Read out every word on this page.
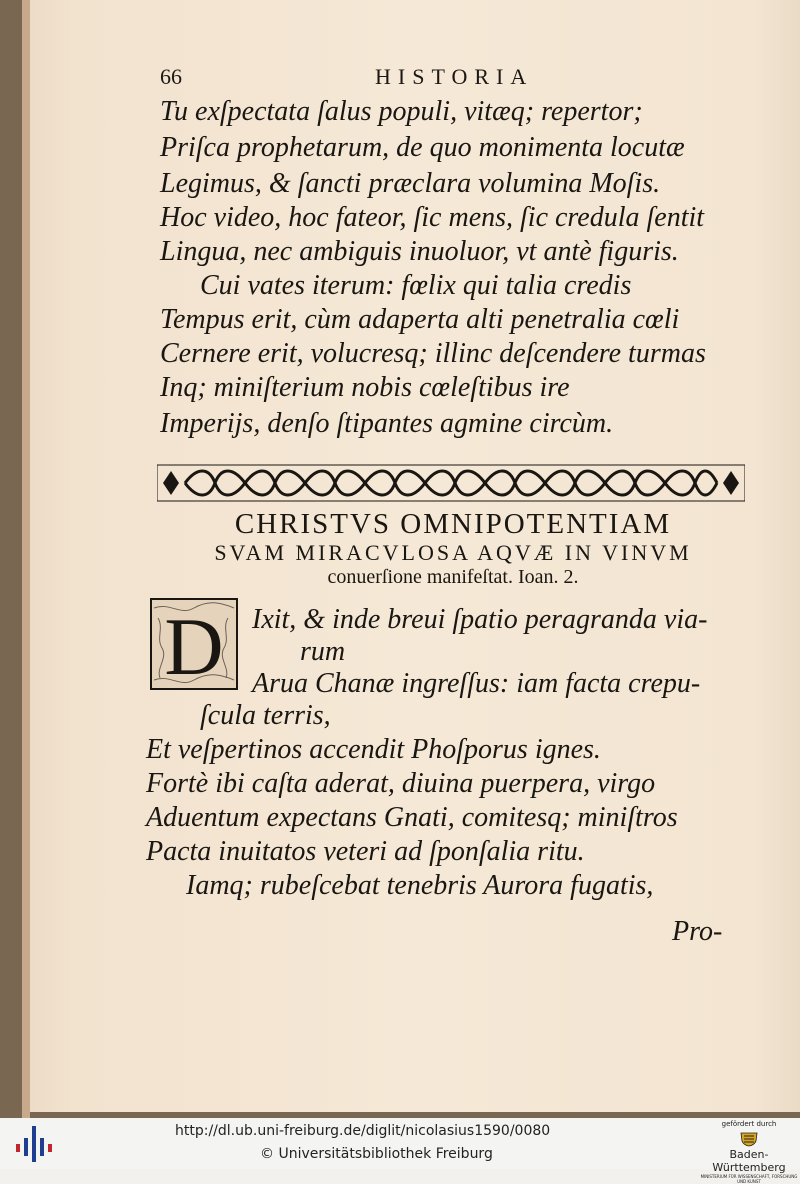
66	HISTORIA
Tu exſpectata ſalus populi, vitæq; repertor;
Priſca prophetarum, de quo monimenta locutæ
Legimus, & ſancti præclara volumina Moſis.
Hoc video, hoc fateor, ſic mens, ſic credula ſentit
Lingua, nec ambiguis inuoluor, vt antè figuris.
Cui vates iterum: fœlix qui talia credis
Tempus erit, cùm adaperta alti penetralia cœli
Cernere erit, volucresq; illinc deſcendere turmas
Inq; miniſterium nobis cœleſtibus ire
Imperijs, denſo ſtipantes agmine circùm.
CHRISTVS OMNIPOTENTIAM
SVAM MIRACVLOSA AQVÆ IN VINVM
conuerſione manifeſtat. Ioan. 2.
D Ixit, & inde breui ſpatio peragranda via-
rum
Arua Chanæ ingreſſus: iam facta crepu-
ſcula terris,
Et veſpertinos accendit Phoſporus ignes.
Fortè ibi caſta aderat, diuina puerpera, virgo
Aduentum expectans Gnati, comitesq; miniſtros
Pacta inuitatos veteri ad ſponſalia ritu.
Iamq; rubeſcebat tenebris Aurora fugatis,
Pro-
http://dl.ub.uni-freiburg.de/diglit/nicolasius1590/0080
© Universitätsbibliothek Freiburg
gefördert durch
Baden-Württemberg
MINISTERIUM FÜR WISSENSCHAFT, FORSCHUNG UND KUNST
